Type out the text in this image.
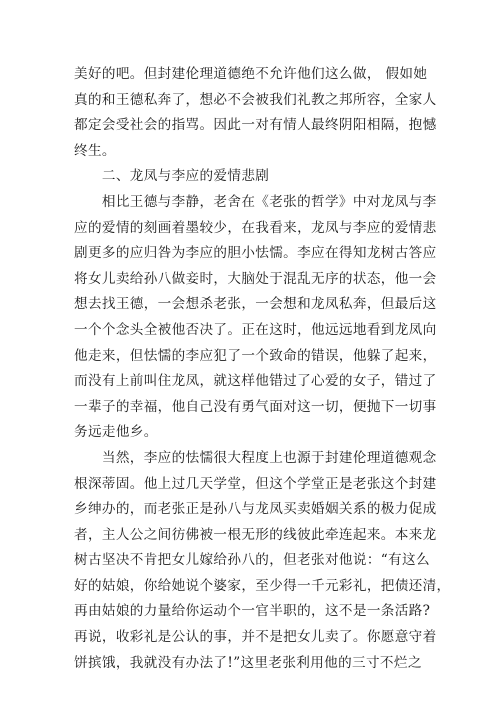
美好的吧。但封建伦理道德绝不允许他们这么做， 假如她
真的和王德私奔了，想必不会被我们礼教之邦所容，全家人
都定会受社会的指骂。因此一对有情人最终阴阳相隔，抱憾
终生。
　　二、龙凤与李应的爱情悲剧
　　相比王德与李静，老舍在《老张的哲学》中对龙凤与李
应的爱情的刻画着墨较少，在我看来，龙凤与李应的爱情悲
剧更多的应归咎为李应的胆小怯懦。李应在得知龙树古答应
将女儿卖给孙八做妾时，大脑处于混乱无序的状态，他一会
想去找王德，一会想杀老张，一会想和龙凤私奔，但最后这
一个个念头全被他否决了。正在这时，他远远地看到龙凤向
他走来，但怯懦的李应犯了一个致命的错误，他躲了起来，
而没有上前叫住龙凤，就这样他错过了心爱的女子，错过了
一辈子的幸福，他自己没有勇气面对这一切，便抛下一切事
务远走他乡。
　　当然，李应的怯懦很大程度上也源于封建伦理道德观念
根深蒂固。他上过几天学堂，但这个学堂正是老张这个封建
乡绅办的，而老张正是孙八与龙凤买卖婚姻关系的极力促成
者，主人公之间彷佛被一根无形的线彼此牵连起来。本来龙
树古坚决不肯把女儿嫁给孙八的，但老张对他说：“有这么
好的姑娘，你给她说个婆家，至少得一千元彩礼，把债还清，
再由姑娘的力量给你运动个一官半职的，这不是一条活路?
再说，收彩礼是公认的事，并不是把女儿卖了。你愿意守着
饼摈饿，我就没有办法了!”这里老张利用他的三寸不烂之
